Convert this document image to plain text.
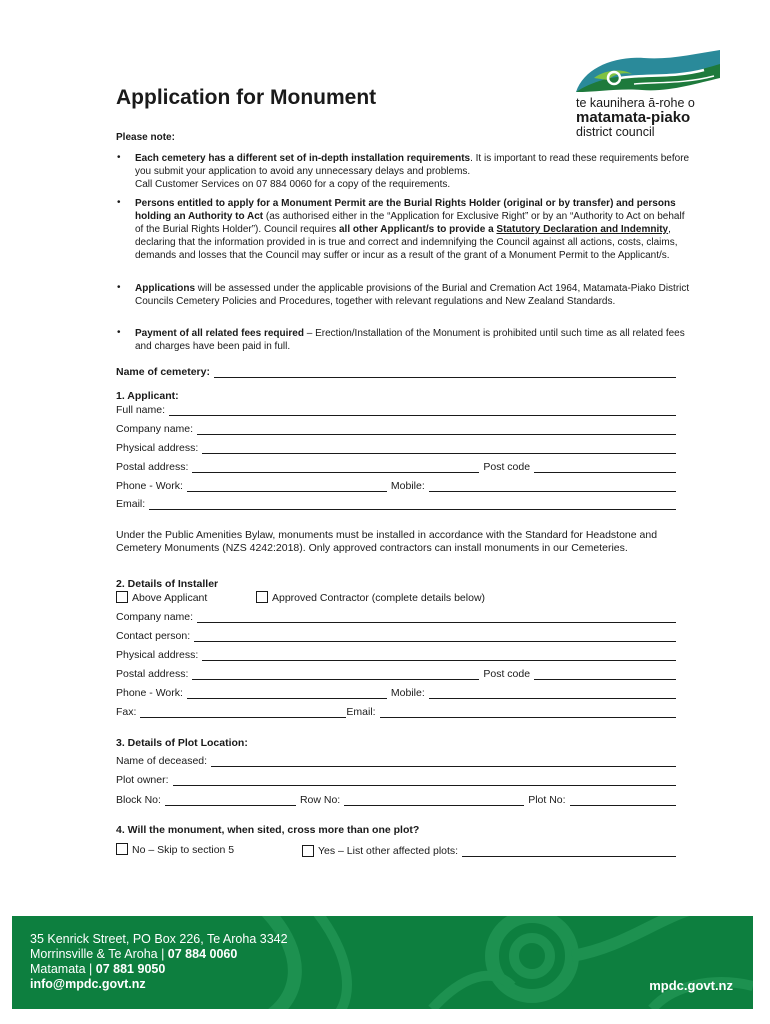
Application for Monument	te kaunihera ā-rohe o
matamata-piako
district council
Please note:
• Each cemetery has a different set of in-depth installation requirements. It is important to read these requirements before you submit your application to avoid any unnecessary delays and problems.
Call Customer Services on 07 884 0060 for a copy of the requirements.
• Persons entitled to apply for a Monument Permit are the Burial Rights Holder (original or by transfer) and persons holding an Authority to Act (as authorised either in the “Application for Exclusive Right” or by an “Authority to Act on behalf of the Burial Rights Holder”). Council requires all other Applicant/s to provide a Statutory Declaration and Indemnity, declaring that the information provided in is true and correct and indemnifying the Council against all actions, costs, claims, demands and losses that the Council may suffer or incur as a result of the grant of a Monument Permit to the Applicant/s.
• Applications will be assessed under the applicable provisions of the Burial and Cremation Act 1964, Matamata-Piako District Councils Cemetery Policies and Procedures, together with relevant regulations and New Zealand Standards.
• Payment of all related fees required – Erection/Installation of the Monument is prohibited until such time as all related fees and charges have been paid in full.
Name of cemetery:
1. Applicant:
Full name:
Company name:
Physical address:
Postal address:	Post code
Phone - Work:	Mobile:
Email:
Under the Public Amenities Bylaw, monuments must be installed in accordance with the Standard for Headstone and Cemetery Monuments (NZS 4242:2018). Only approved contractors can install monuments in our Cemeteries.
2. Details of Installer
Above Applicant	Approved Contractor (complete details below)
Company name:
Contact person:
Physical address:
Postal address:	Post code
Phone - Work:	Mobile:
Fax:	Email:
3. Details of Plot Location:
Name of deceased:
Plot owner:
Block No:	Row No:	Plot No:
4. Will the monument, when sited, cross more than one plot?
No – Skip to section 5	Yes – List other affected plots:
35 Kenrick Street, PO Box 226, Te Aroha 3342
Morrinsville & Te Aroha | 07 884 0060
Matamata | 07 881 9050
info@mpdc.govt.nz	mpdc.govt.nz
